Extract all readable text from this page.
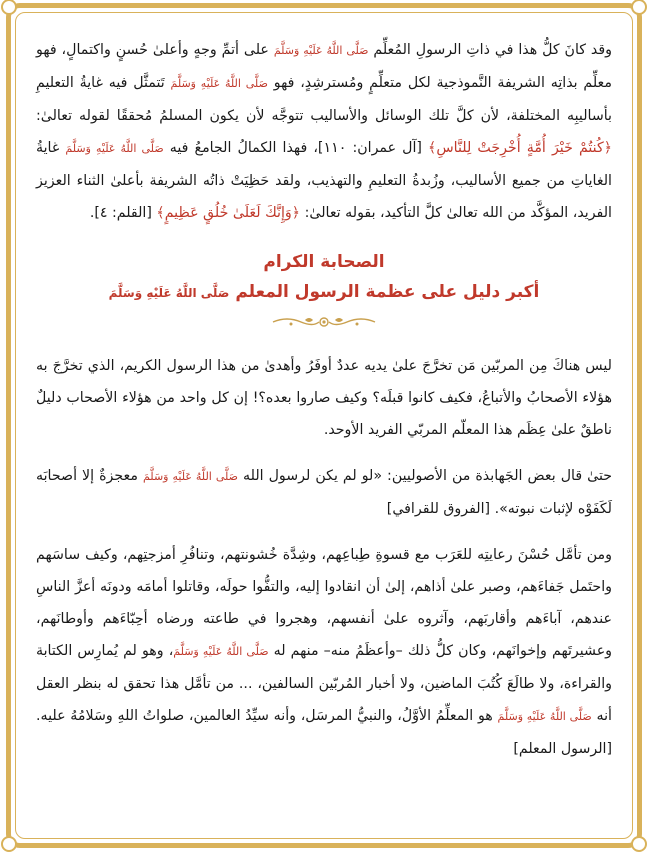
وقد كانَ كلُّ هذا في ذاتِ الرسولِ المُعلِّم صَلَّى اللَّهُ عَلَيْهِ وَسَلَّمَ على أتمِّ وجهٍ وأعلىٰ حُسنٍ واكتمالٍ، فهو معلِّم بذاتِه الشريفة النَّموذجية لكل متعلِّمٍ ومُسترشِدٍ، فهو صَلَّى اللَّهُ عَلَيْهِ وَسَلَّمَ تَتمثَّل فيه غايةُ التعليمِ بأساليبِه المختلفة، لأن كلَّ تلك الوسائل والأساليب تتوجَّه لأن يكون المسلمُ مُحققًا لقوله تعالىٰ: ﴿كُنتُمْ خَيْرَ أُمَّةٍ أُخْرِجَتْ لِلنَّاسِ﴾ [آل عمران: ١١٠]، فهذا الكمالُ الجامعُ فيه صَلَّى اللَّهُ عَلَيْهِ وَسَلَّمَ غايةُ الغاياتِ من جميع الأساليب، وزُبدةُ التعليمِ والتهذيب، ولقد حَظِيَتْ ذاتُه الشريفة بأعلىٰ الثناء العزيز الفريد، المؤكَّد من الله تعالىٰ كلَّ التأكيد، بقوله تعالىٰ: ﴿وَإِنَّكَ لَعَلَىٰ خُلُقٍ عَظِيمٍ﴾ [القلم: ٤].

الصحابة الكرام
أكبر دليل على عظمة الرسول المعلم صَلَّى اللَّهُ عَلَيْهِ وَسَلَّمَ

ليس هناكَ مِن المربّين مَن تخرَّجَ علىٰ يديه عددٌ أوفَرُ وأهدىٰ من هذا الرسول الكريم، الذي تخرَّجَ به هؤلاء الأصحابُ والأتباعُ، فكيف كانوا قبلَه؟ وكيف صاروا بعده؟! إن كل واحد من هؤلاء الأصحاب دليلٌ ناطقٌ علىٰ عِظَم هذا المعلّم المربّي الفريد الأوحد.

حتىٰ قال بعض الجَهابذة من الأصوليين: «لو لم يكن لرسول الله صَلَّى اللَّهُ عَلَيْهِ وَسَلَّمَ معجزةٌ إلا أصحابَه لَكَفَوْه لإثبات نبوته». [الفروق للقرافي]

ومن تأمَّل حُسْنَ رعايتِه للعَرَب مع قسوةِ طِباعِهم، وشِدَّة خُشونتهم، وتنافُرِ أمزجتِهم، وكيف ساسَهم واحتَمل جَفاءَهم، وصبر علىٰ أذاهم، إلىٰ أن انقادوا إليه، والتفُّوا حولَه، وقاتلوا أمامَه ودونَه أعزَّ الناسِ عندهم، آباءَهم وأقاربَهم، وآثروه علىٰ أنفسهم، وهجروا في طاعته ورضاه أحِبّاءَهم وأوطانَهم، وعشيرتَهم وإخوانَهم، وكان كلُّ ذلك –وأعظَمُ منه– منهم له صَلَّى اللَّهُ عَلَيْهِ وَسَلَّمَ، وهو لم يُمارِس الكتابة والقراءة، ولا طالَعَ كُتُبَ الماضين، ولا أخبار المُربّين السالفين، ... من تأمَّل هذا تحقق له بنظر العقل أنه صَلَّى اللَّهُ عَلَيْهِ وَسَلَّمَ هو المعلِّمُ الأوَّلُ، والنبيُّ المرسَل، وأنه سيِّدُ العالمين، صلواتُ اللهِ وسَلامُهُ عليه. [الرسول المعلم]
